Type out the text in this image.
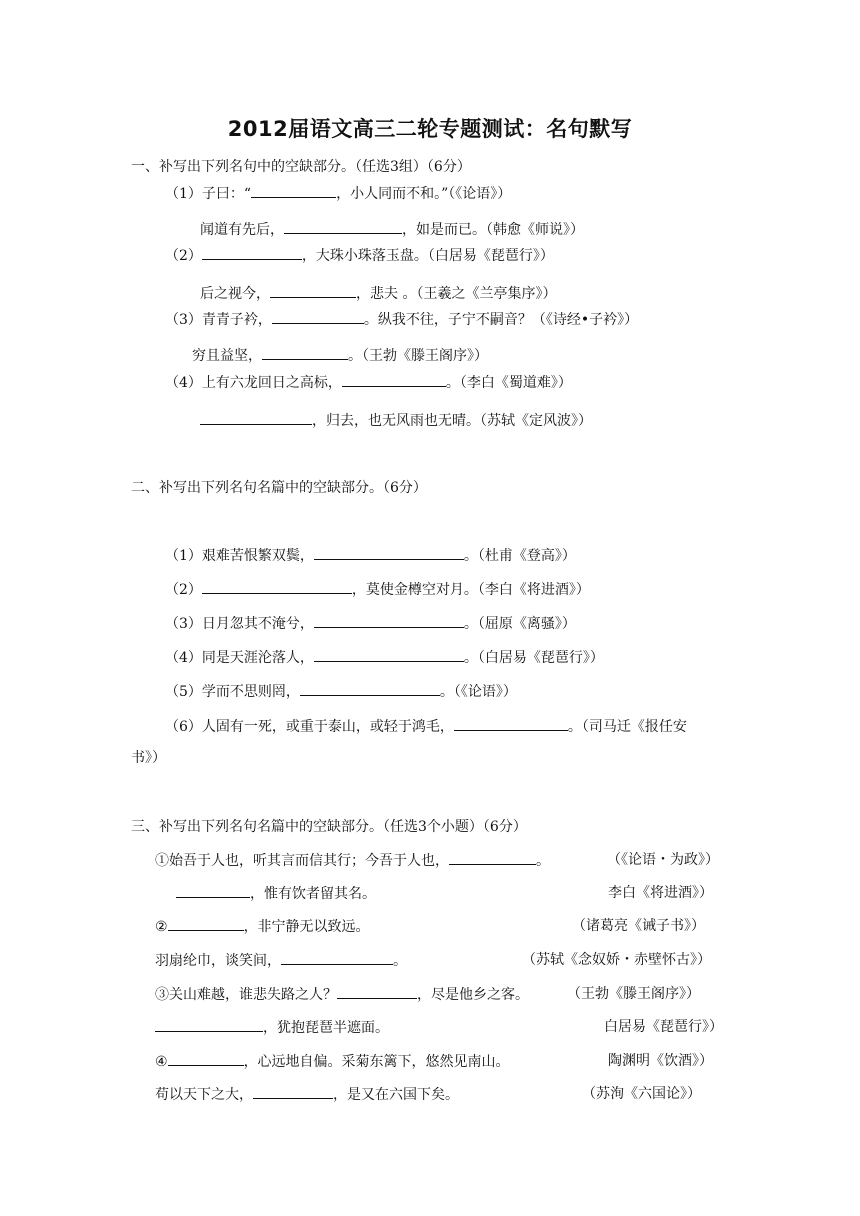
2012届语文高三二轮专题测试：名句默写
一、补写出下列名句中的空缺部分。（任选3组）（6分）
（1）子曰：“	，小人同而不和。”（《论语》）
闻道有先后，	，如是而已。（韩愈《师说》）
（2）	，大珠小珠落玉盘。（白居易《琵琶行》）
后之视今，	，悲夫 。（王羲之《兰亭集序》）
（3）青青子衿，	。纵我不往，子宁不嗣音？（《诗经•子衿》）
穷且益坚，	。（王勃《滕王阁序》）
（4）上有六龙回日之高标，	。（李白《蜀道难》）
，归去，也无风雨也无晴。（苏轼《定风波》）
二、补写出下列名句名篇中的空缺部分。（6分）
（1）艰难苦恨繁双鬓，	。（杜甫《登高》）
（2）	，莫使金樽空对月。（李白《将进酒》）
（3）日月忽其不淹兮，	。（屈原《离骚》）
（4）同是天涯沦落人，	。（白居易《琵琶行》）
（5）学而不思则罔，	。（《论语》）
（6）人固有一死，或重于泰山，或轻于鸿毛，	。（司马迁《报任安
书》）
三、补写出下列名句名篇中的空缺部分。（任选3个小题）（6分）
①始吾于人也，听其言而信其行；今吾于人也，	。	（《论语・为政》）
，惟有饮者留其名。	李白《将进酒》）
②	，非宁静无以致远。	（诸葛亮《诫子书》）
羽扇纶巾，谈笑间，	。	（苏轼《念奴娇・赤壁怀古》）
③关山难越，谁悲失路之人？	，尽是他乡之客。	（王勃《滕王阁序》）
，犹抱琵琶半遮面。	白居易《琵琶行》）
④	，心远地自偏。采菊东篱下，悠然见南山。	陶渊明《饮酒》）
苟以天下之大，	，是又在六国下矣。	（苏洵《六国论》）
